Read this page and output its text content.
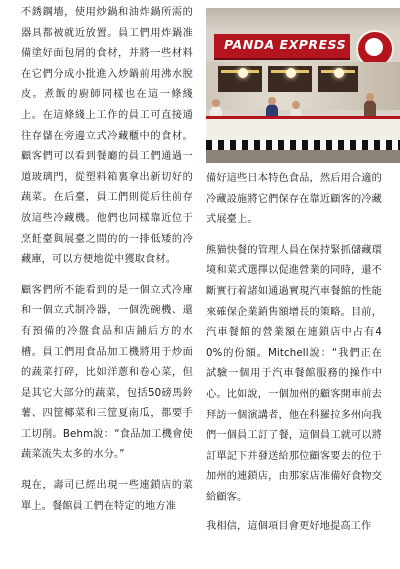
不銹鋼墻，使用炒鍋和油炸鍋所需的器具都被就近放置。員工們用炸鍋准備塗好面包屑的食材，并將一些材料在它們分成小批進入炒鍋前用沸水脫皮。煮飯的廚師同樣也在這一條綫上。在這條綫上工作的員工可直接通往存儲在旁邊立式冷藏櫃中的食材。顧客們可以看到餐廳的員工們通過一道玻璃門，從塑料箱裏拿出新切好的蔬菜。在后臺，員工們則從后往前存放這些冷藏機。他們也同樣靠近位于烹飪臺與展臺之間的的一排低矮的冷藏庫，可以方便地從中獲取食材。

顧客們所不能看到的是一個立式冷庫和一個立式制冷器，一個洗碗機、還有預備的冷盤食品和店鋪后方的水槽。員工們用食品加工機將用于炒面的蔬菜打碎，比如洋蔥和卷心菜，但是其它大部分的蔬菜，包括50磅馬鈴薯、四筐椰菜和三筐夏南瓜，都要手工切削。Behm說：“食品加工機會使蔬菜流失太多的水分。”

現在，壽司已經出現一些連鎖店的菜單上。餐館員工們在特定的地方准

PANDA EXPRESS

備好這些日本特色食品，然后用合適的冷藏設施將它們保存在靠近顧客的冷藏式展臺上。

熊猫快餐的管理人員在保持緊抓儲藏環境和菜式選擇以促進營業的同時，還不斷實行着諸如通過實現汽車餐館的性能來確保企業銷售額增長的策略。目前，汽車餐館的營業額在連鎖店中占有40%的份額。Mitchell說：“我們正在試驗一個用于汽車餐館服務的操作中心。比如說，一個加州的顧客開車前去拜訪一個演講者，他在科羅拉多州向我們一個員工訂了餐，這個員工就可以將訂單記下并發送給那位顧客要去的位于加州的連鎖店，由那家店准備好食物交給顧客。

我相信，這個項目會更好地提高工作
